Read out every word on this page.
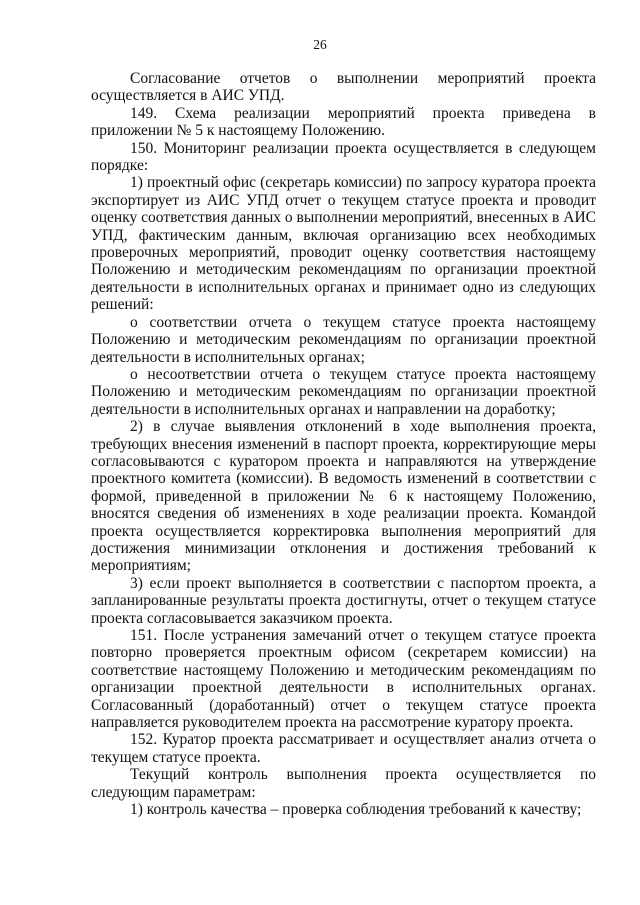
26

Согласование отчетов о выполнении мероприятий проекта осуществляется в АИС УПД.

149. Схема реализации мероприятий проекта приведена в приложении № 5 к настоящему Положению.

150. Мониторинг реализации проекта осуществляется в следующем порядке:

1) проектный офис (секретарь комиссии) по запросу куратора проекта экспортирует из АИС УПД отчет о текущем статусе проекта и проводит оценку соответствия данных о выполнении мероприятий, внесенных в АИС УПД, фактическим данным, включая организацию всех необходимых проверочных мероприятий, проводит оценку соответствия настоящему Положению и методическим рекомендациям по организации проектной деятельности в исполнительных органах и принимает одно из следующих решений:

о соответствии отчета о текущем статусе проекта настоящему Положению и методическим рекомендациям по организации проектной деятельности в исполнительных органах;

о несоответствии отчета о текущем статусе проекта настоящему Положению и методическим рекомендациям по организации проектной деятельности в исполнительных органах и направлении на доработку;

2) в случае выявления отклонений в ходе выполнения проекта, требующих внесения изменений в паспорт проекта, корректирующие меры согласовываются с куратором проекта и направляются на утверждение проектного комитета (комиссии). В ведомость изменений в соответствии с формой, приведенной в приложении № 6 к настоящему Положению, вносятся сведения об изменениях в ходе реализации проекта. Командой проекта осуществляется корректировка выполнения мероприятий для достижения минимизации отклонения и достижения требований к мероприятиям;

3) если проект выполняется в соответствии с паспортом проекта, а запланированные результаты проекта достигнуты, отчет о текущем статусе проекта согласовывается заказчиком проекта.

151. После устранения замечаний отчет о текущем статусе проекта повторно проверяется проектным офисом (секретарем комиссии) на соответствие настоящему Положению и методическим рекомендациям по организации проектной деятельности в исполнительных органах. Согласованный (доработанный) отчет о текущем статусе проекта направляется руководителем проекта на рассмотрение куратору проекта.

152. Куратор проекта рассматривает и осуществляет анализ отчета о текущем статусе проекта.

Текущий контроль выполнения проекта осуществляется по следующим параметрам:

1) контроль качества – проверка соблюдения требований к качеству;
